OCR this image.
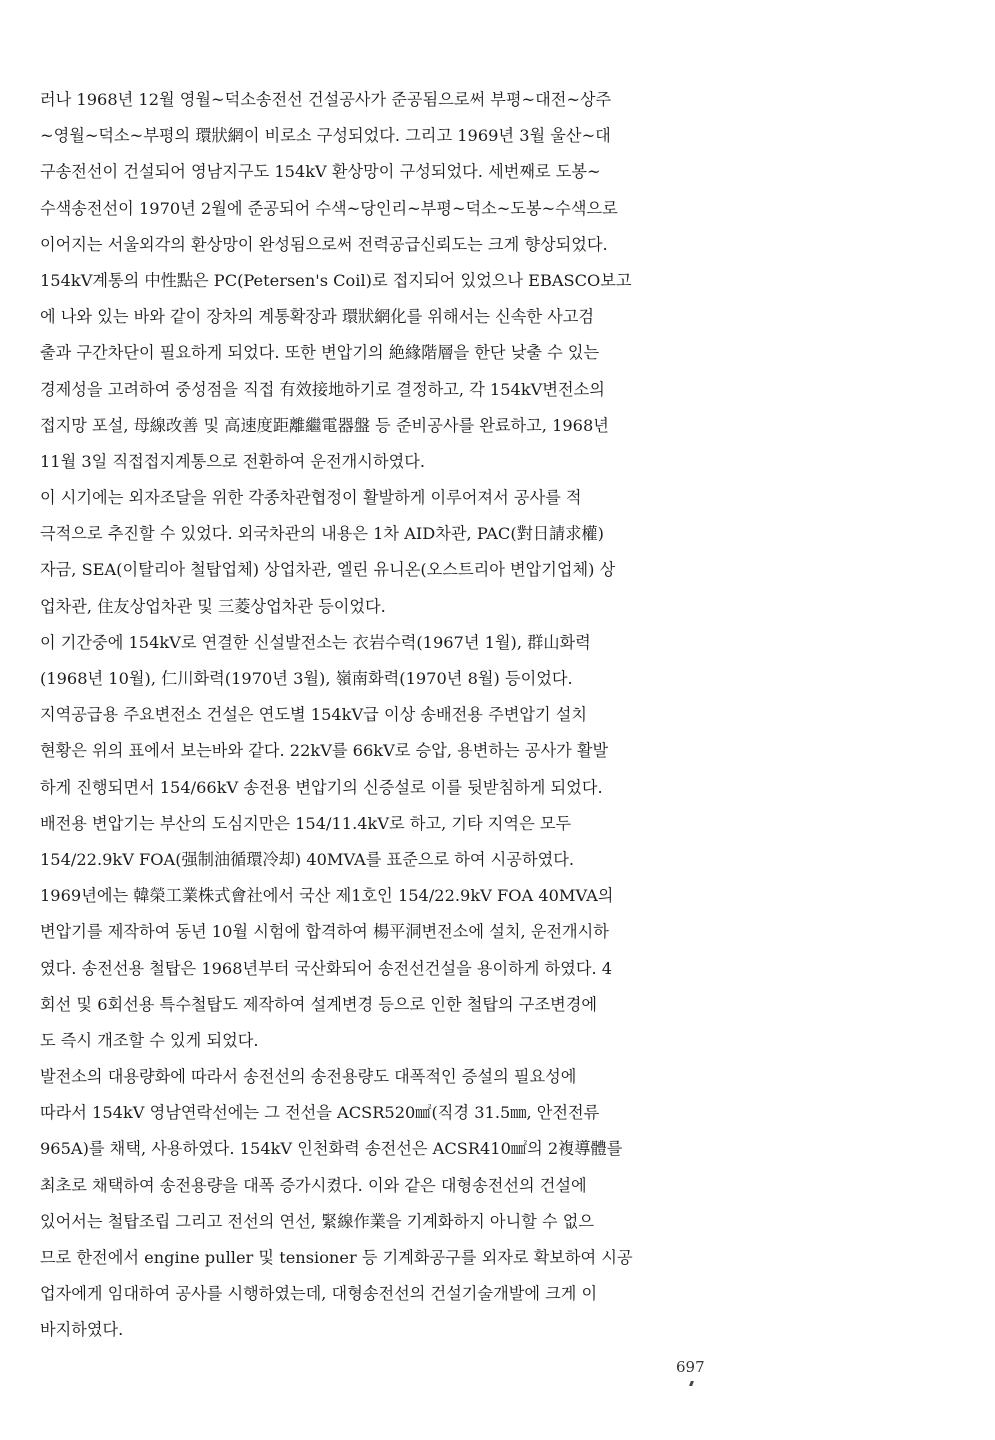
러나 1968년 12월 영월~덕소송전선 건설공사가 준공됨으로써 부평~대전~상주
~영월~덕소~부평의 環狀網이 비로소 구성되었다. 그리고 1969년 3월 울산~대
구송전선이 건설되어 영남지구도 154kV 환상망이 구성되었다. 세번째로 도봉~
수색송전선이 1970년 2월에 준공되어 수색~당인리~부평~덕소~도봉~수색으로
이어지는 서울외각의 환상망이 완성됨으로써 전력공급신뢰도는 크게 향상되었다.
154kV계통의 中性點은 PC(Petersen's Coil)로 접지되어 있었으나 EBASCO보고
에 나와 있는 바와 같이 장차의 계통확장과 環狀網化를 위해서는 신속한 사고검
출과 구간차단이 필요하게 되었다. 또한 변압기의 絶緣階層을 한단 낮출 수 있는
경제성을 고려하여 중성점을 직접 有效接地하기로 결정하고, 각 154kV변전소의
접지망 포설, 母線改善 및 高速度距離繼電器盤 등 준비공사를 완료하고, 1968년
11월 3일 직접접지계통으로 전환하여 운전개시하였다.
이 시기에는 외자조달을 위한 각종차관협정이 활발하게 이루어져서 공사를 적
극적으로 추진할 수 있었다. 외국차관의 내용은 1차 AID차관, PAC(對日請求權)
자금, SEA(이탈리아 철탑업체) 상업차관, 엘린 유니온(오스트리아 변압기업체) 상
업차관, 住友상업차관 및 三菱상업차관 등이었다.
이 기간중에 154kV로 연결한 신설발전소는 衣岩수력(1967년 1월), 群山화력
(1968년 10월), 仁川화력(1970년 3월), 嶺南화력(1970년 8월) 등이었다.
지역공급용 주요변전소 건설은 연도별 154kV급 이상 송배전용 주변압기 설치
현황은 위의 표에서 보는바와 같다. 22kV를 66kV로 승압, 용변하는 공사가 활발
하게 진행되면서 154/66kV 송전용 변압기의 신증설로 이를 뒷받침하게 되었다.
배전용 변압기는 부산의 도심지만은 154/11.4kV로 하고, 기타 지역은 모두
154/22.9kV FOA(强制油循環冷却) 40MVA를 표준으로 하여 시공하였다.
1969년에는 韓榮工業株式會社에서 국산 제1호인 154/22.9kV FOA 40MVA의
변압기를 제작하여 동년 10월 시험에 합격하여 楊平洞변전소에 설치, 운전개시하
였다. 송전선용 철탑은 1968년부터 국산화되어 송전선건설을 용이하게 하였다. 4
회선 및 6회선용 특수철탑도 제작하여 설계변경 등으로 인한 철탑의 구조변경에
도 즉시 개조할 수 있게 되었다.
발전소의 대용량화에 따라서 송전선의 송전용량도 대폭적인 증설의 필요성에
따라서 154kV 영남연락선에는 그 전선을 ACSR520㎟(직경 31.5㎜, 안전전류
965A)를 채택, 사용하였다. 154kV 인천화력 송전선은 ACSR410㎟의 2複導體를
최초로 채택하여 송전용량을 대폭 증가시켰다. 이와 같은 대형송전선의 건설에
있어서는 철탑조립 그리고 전선의 연선, 緊線作業을 기계화하지 아니할 수 없으
므로 한전에서 engine puller 및 tensioner 등 기계화공구를 외자로 확보하여 시공
업자에게 임대하여 공사를 시행하였는데, 대형송전선의 건설기술개발에 크게 이
바지하였다.
697
